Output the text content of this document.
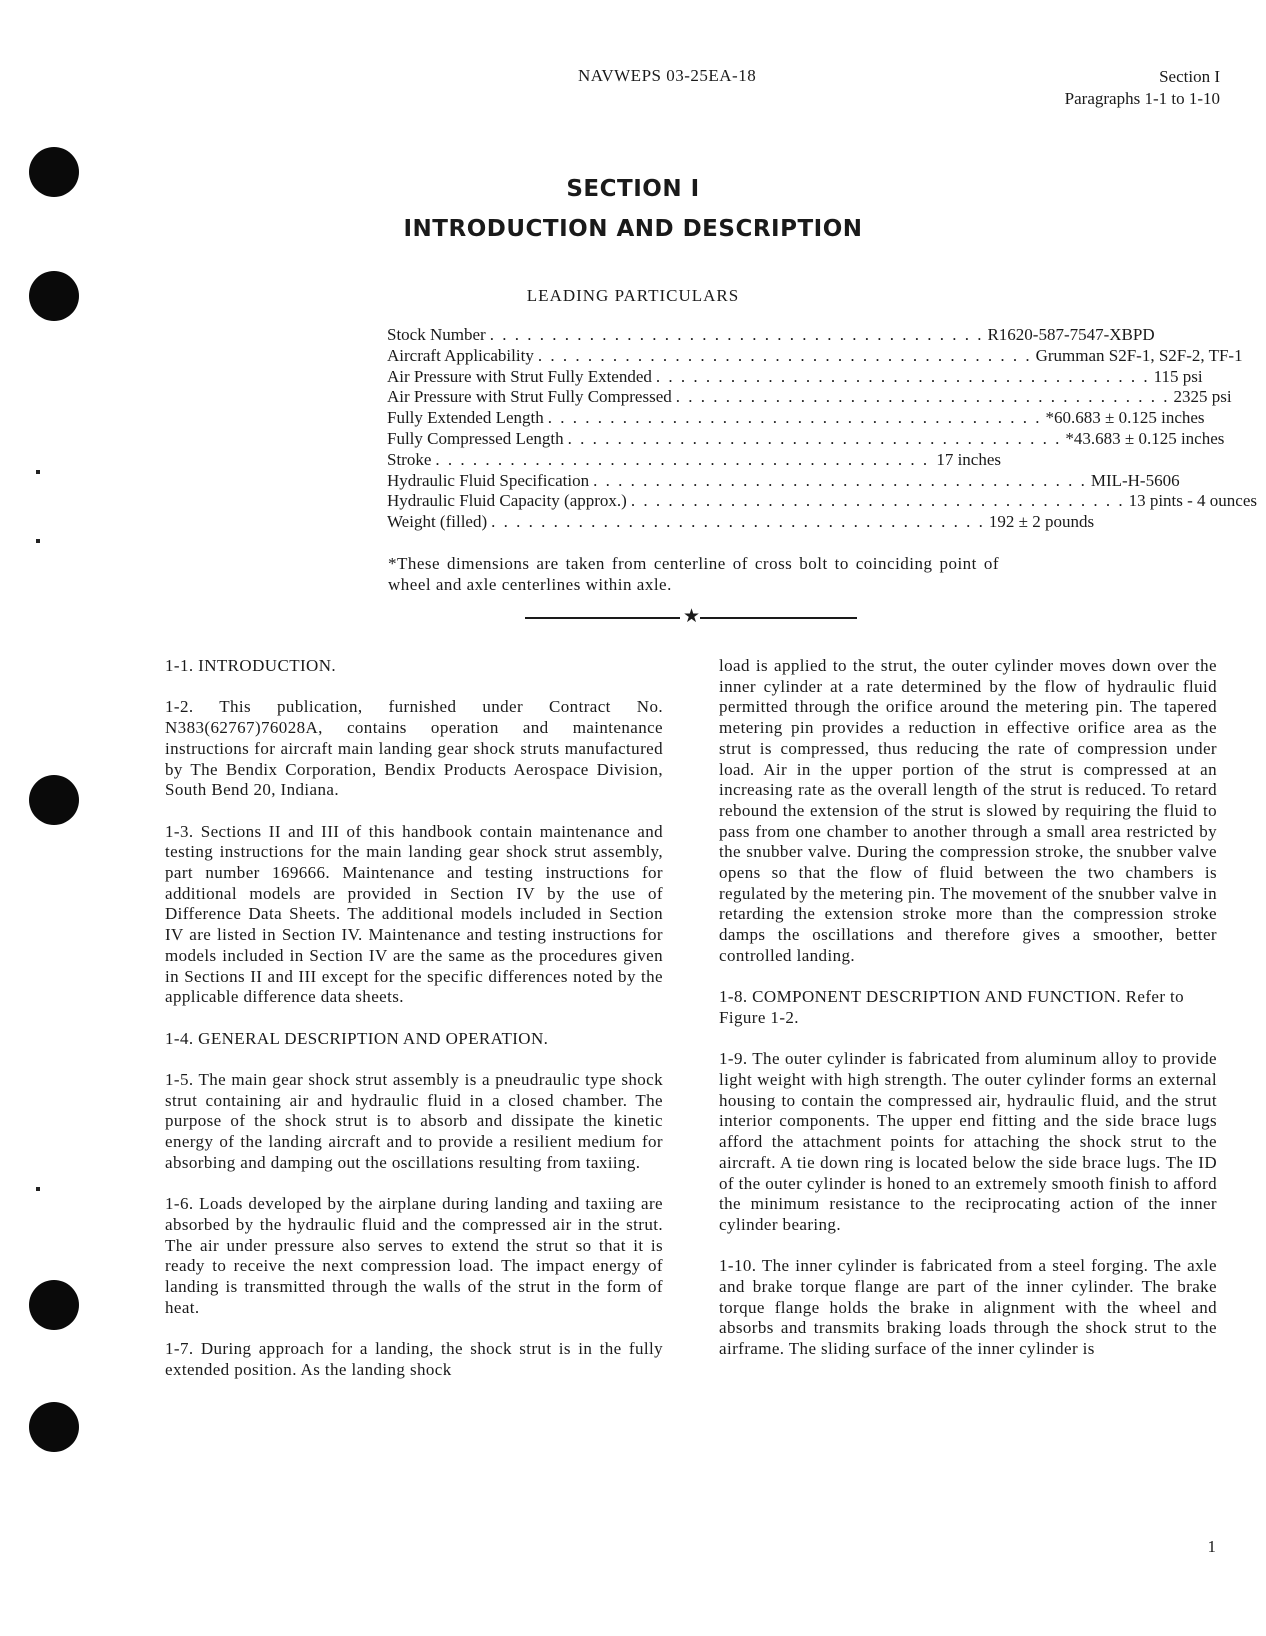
NAVWEPS 03-25EA-18	Section I
Paragraphs 1-1 to 1-10
SECTION I
INTRODUCTION AND DESCRIPTION
LEADING PARTICULARS
Stock Number . . . . . . . . . . . . . . . . . . . . . . . . . . . . . . . . . . . . . . . . R1620-587-7547-XBPD
Aircraft Applicability . . . . . . . . . . . . . . . . . . . . . . . . . . . . . . . . . . . . . . . . Grumman S2F-1, S2F-2, TF-1
Air Pressure with Strut Fully Extended . . . . . . . . . . . . . . . . . . . . . . . . . . . . . . . . . . . . . . . . 115 psi
Air Pressure with Strut Fully Compressed . . . . . . . . . . . . . . . . . . . . . . . . . . . . . . . . . . . . . . . . 2325 psi
Fully Extended Length . . . . . . . . . . . . . . . . . . . . . . . . . . . . . . . . . . . . . . . . *60.683 ± 0.125 inches
Fully Compressed Length . . . . . . . . . . . . . . . . . . . . . . . . . . . . . . . . . . . . . . . . *43.683 ± 0.125 inches
Stroke . . . . . . . . . . . . . . . . . . . . . . . . . . . . . . . . . . . . . . . . 17 inches
Hydraulic Fluid Specification . . . . . . . . . . . . . . . . . . . . . . . . . . . . . . . . . . . . . . . . MIL-H-5606
Hydraulic Fluid Capacity (approx.) . . . . . . . . . . . . . . . . . . . . . . . . . . . . . . . . . . . . . . . . 13 pints - 4 ounces
Weight (filled) . . . . . . . . . . . . . . . . . . . . . . . . . . . . . . . . . . . . . . . . 192 ± 2 pounds
*These dimensions are taken from centerline of cross bolt to coinciding point of wheel and axle centerlines within axle.
★

1-1. INTRODUCTION.

1-2. This publication, furnished under Contract No. N383(62767)76028A, contains operation and maintenance instructions for aircraft main landing gear shock struts manufactured by The Bendix Corporation, Bendix Products Aerospace Division, South Bend 20, Indiana.

1-3. Sections II and III of this handbook contain maintenance and testing instructions for the main landing gear shock strut assembly, part number 169666. Maintenance and testing instructions for additional models are provided in Section IV by the use of Difference Data Sheets. The additional models included in Section IV are listed in Section IV. Maintenance and testing instructions for models included in Section IV are the same as the procedures given in Sections II and III except for the specific differences noted by the applicable difference data sheets.

1-4. GENERAL DESCRIPTION AND OPERATION.

1-5. The main gear shock strut assembly is a pneudraulic type shock strut containing air and hydraulic fluid in a closed chamber. The purpose of the shock strut is to absorb and dissipate the kinetic energy of the landing aircraft and to provide a resilient medium for absorbing and damping out the oscillations resulting from taxiing.

1-6. Loads developed by the airplane during landing and taxiing are absorbed by the hydraulic fluid and the compressed air in the strut. The air under pressure also serves to extend the strut so that it is ready to receive the next compression load. The impact energy of landing is transmitted through the walls of the strut in the form of heat.

1-7. During approach for a landing, the shock strut is in the fully extended position. As the landing shock

load is applied to the strut, the outer cylinder moves down over the inner cylinder at a rate determined by the flow of hydraulic fluid permitted through the orifice around the metering pin. The tapered metering pin provides a reduction in effective orifice area as the strut is compressed, thus reducing the rate of compression under load. Air in the upper portion of the strut is compressed at an increasing rate as the overall length of the strut is reduced. To retard rebound the extension of the strut is slowed by requiring the fluid to pass from one chamber to another through a small area restricted by the snubber valve. During the compression stroke, the snubber valve opens so that the flow of fluid between the two chambers is regulated by the metering pin. The movement of the snubber valve in retarding the extension stroke more than the compression stroke damps the oscillations and therefore gives a smoother, better controlled landing.

1-8. COMPONENT DESCRIPTION AND FUNCTION. Refer to Figure 1-2.

1-9. The outer cylinder is fabricated from aluminum alloy to provide light weight with high strength. The outer cylinder forms an external housing to contain the compressed air, hydraulic fluid, and the strut interior components. The upper end fitting and the side brace lugs afford the attachment points for attaching the shock strut to the aircraft. A tie down ring is located below the side brace lugs. The ID of the outer cylinder is honed to an extremely smooth finish to afford the minimum resistance to the reciprocating action of the inner cylinder bearing.

1-10. The inner cylinder is fabricated from a steel forging. The axle and brake torque flange are part of the inner cylinder. The brake torque flange holds the brake in alignment with the wheel and absorbs and transmits braking loads through the shock strut to the airframe. The sliding surface of the inner cylinder is

1
